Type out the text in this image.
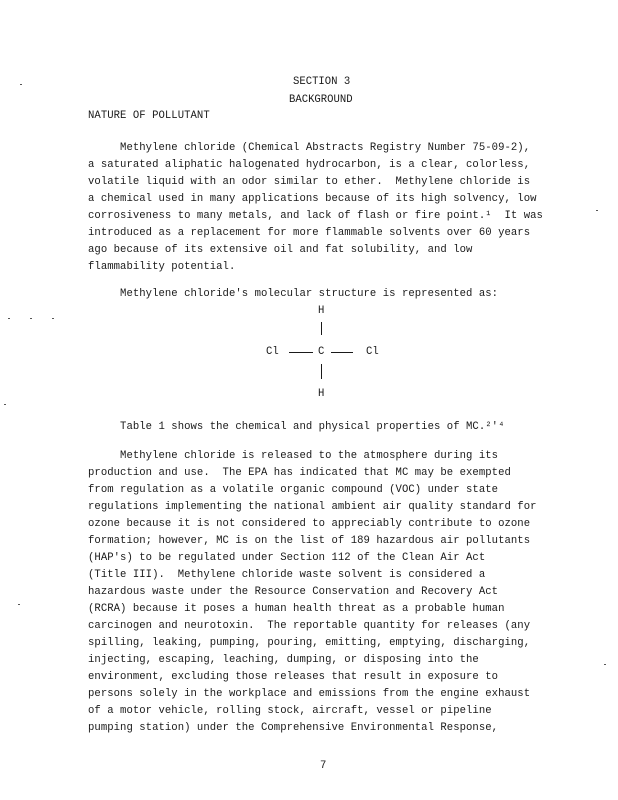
SECTION 3
BACKGROUND
NATURE OF POLLUTANT
Methylene chloride (Chemical Abstracts Registry Number 75-09-2),
a saturated aliphatic halogenated hydrocarbon, is a clear, colorless,
volatile liquid with an odor similar to ether.  Methylene chloride is
a chemical used in many applications because of its high solvency, low
corrosiveness to many metals, and lack of flash or fire point.¹  It was
introduced as a replacement for more flammable solvents over 60 years
ago because of its extensive oil and fat solubility, and low
flammability potential.
Methylene chloride's molecular structure is represented as:
H
Cl	C	Cl
H
Table 1 shows the chemical and physical properties of MC.²'⁴
Methylene chloride is released to the atmosphere during its
production and use.  The EPA has indicated that MC may be exempted
from regulation as a volatile organic compound (VOC) under state
regulations implementing the national ambient air quality standard for
ozone because it is not considered to appreciably contribute to ozone
formation; however, MC is on the list of 189 hazardous air pollutants
(HAP's) to be regulated under Section 112 of the Clean Air Act
(Title III).  Methylene chloride waste solvent is considered a
hazardous waste under the Resource Conservation and Recovery Act
(RCRA) because it poses a human health threat as a probable human
carcinogen and neurotoxin.  The reportable quantity for releases (any
spilling, leaking, pumping, pouring, emitting, emptying, discharging,
injecting, escaping, leaching, dumping, or disposing into the
environment, excluding those releases that result in exposure to
persons solely in the workplace and emissions from the engine exhaust
of a motor vehicle, rolling stock, aircraft, vessel or pipeline
pumping station) under the Comprehensive Environmental Response,
7
